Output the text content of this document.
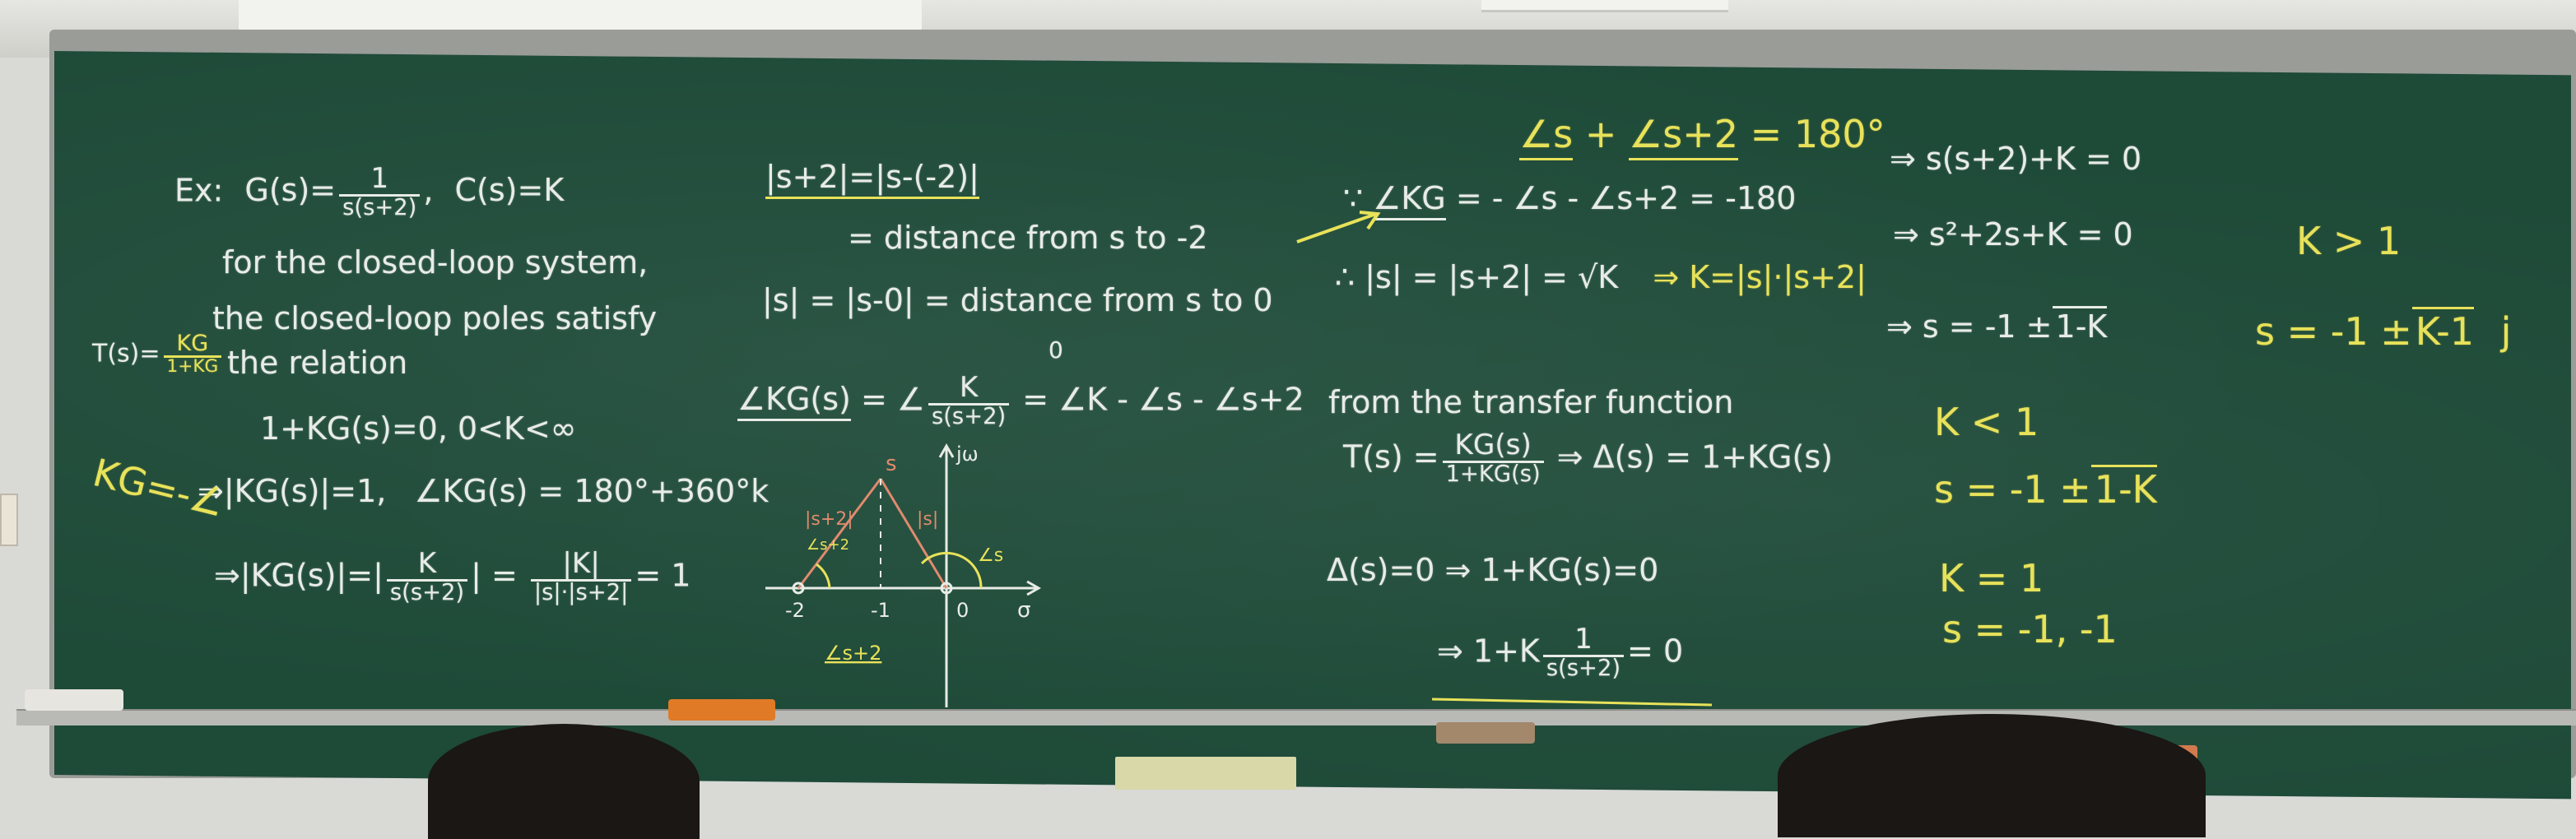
Ex: $G(s)= \frac{1}{s(s+2)}$ , C(s)=K
for the closed-loop system,
the closed-loop poles satisfy
$T(s)= \frac{KG}{1+KG}$ the relation
1+KG(s)=0, 0<K<∞
⇒|KG(s)|=1, ∠KG(s) = 180°+360°k
KG=-∠
⇒|KG(s)|=| $\frac{K}{s(s+2)}$ | = $\frac{|K|}{|s|\cdot|s+2|} = 1$
|s+2|=|s-(-2)|
= distance from s to -2
|s| = |s-0| = distance from s to 0
0
∠KG(s) = ∠ $\frac{K}{s(s+2)}$ = ∠K - ∠s - ∠s+2
s
|s|
|s+2|
∠s
∠s+2
-2	-1	0 σ
jω
∠s+2
∠s + ∠s+2 = 180°
∵ ∠KG = - ∠s - ∠s+2 = -180
∴ |s| = |s+2| = √K ⇒ K=|s|·|s+2|
from the transfer function
$T(s) = \frac{KG(s)}{1+KG(s)}$ ⇒ Δ(s) = 1+KG(s)
Δ(s)=0 ⇒ 1+KG(s)=0
⇒ $1+K \frac{1}{s(s+2)} = 0$
⇒ s(s+2)+K = 0
⇒ s²+2s+K = 0
⇒ s = -1 ± 1-K
K < 1
s = -1 ±1-K
K = 1
s = -1, -1
K > 1
s = -1 ±K-1 j
